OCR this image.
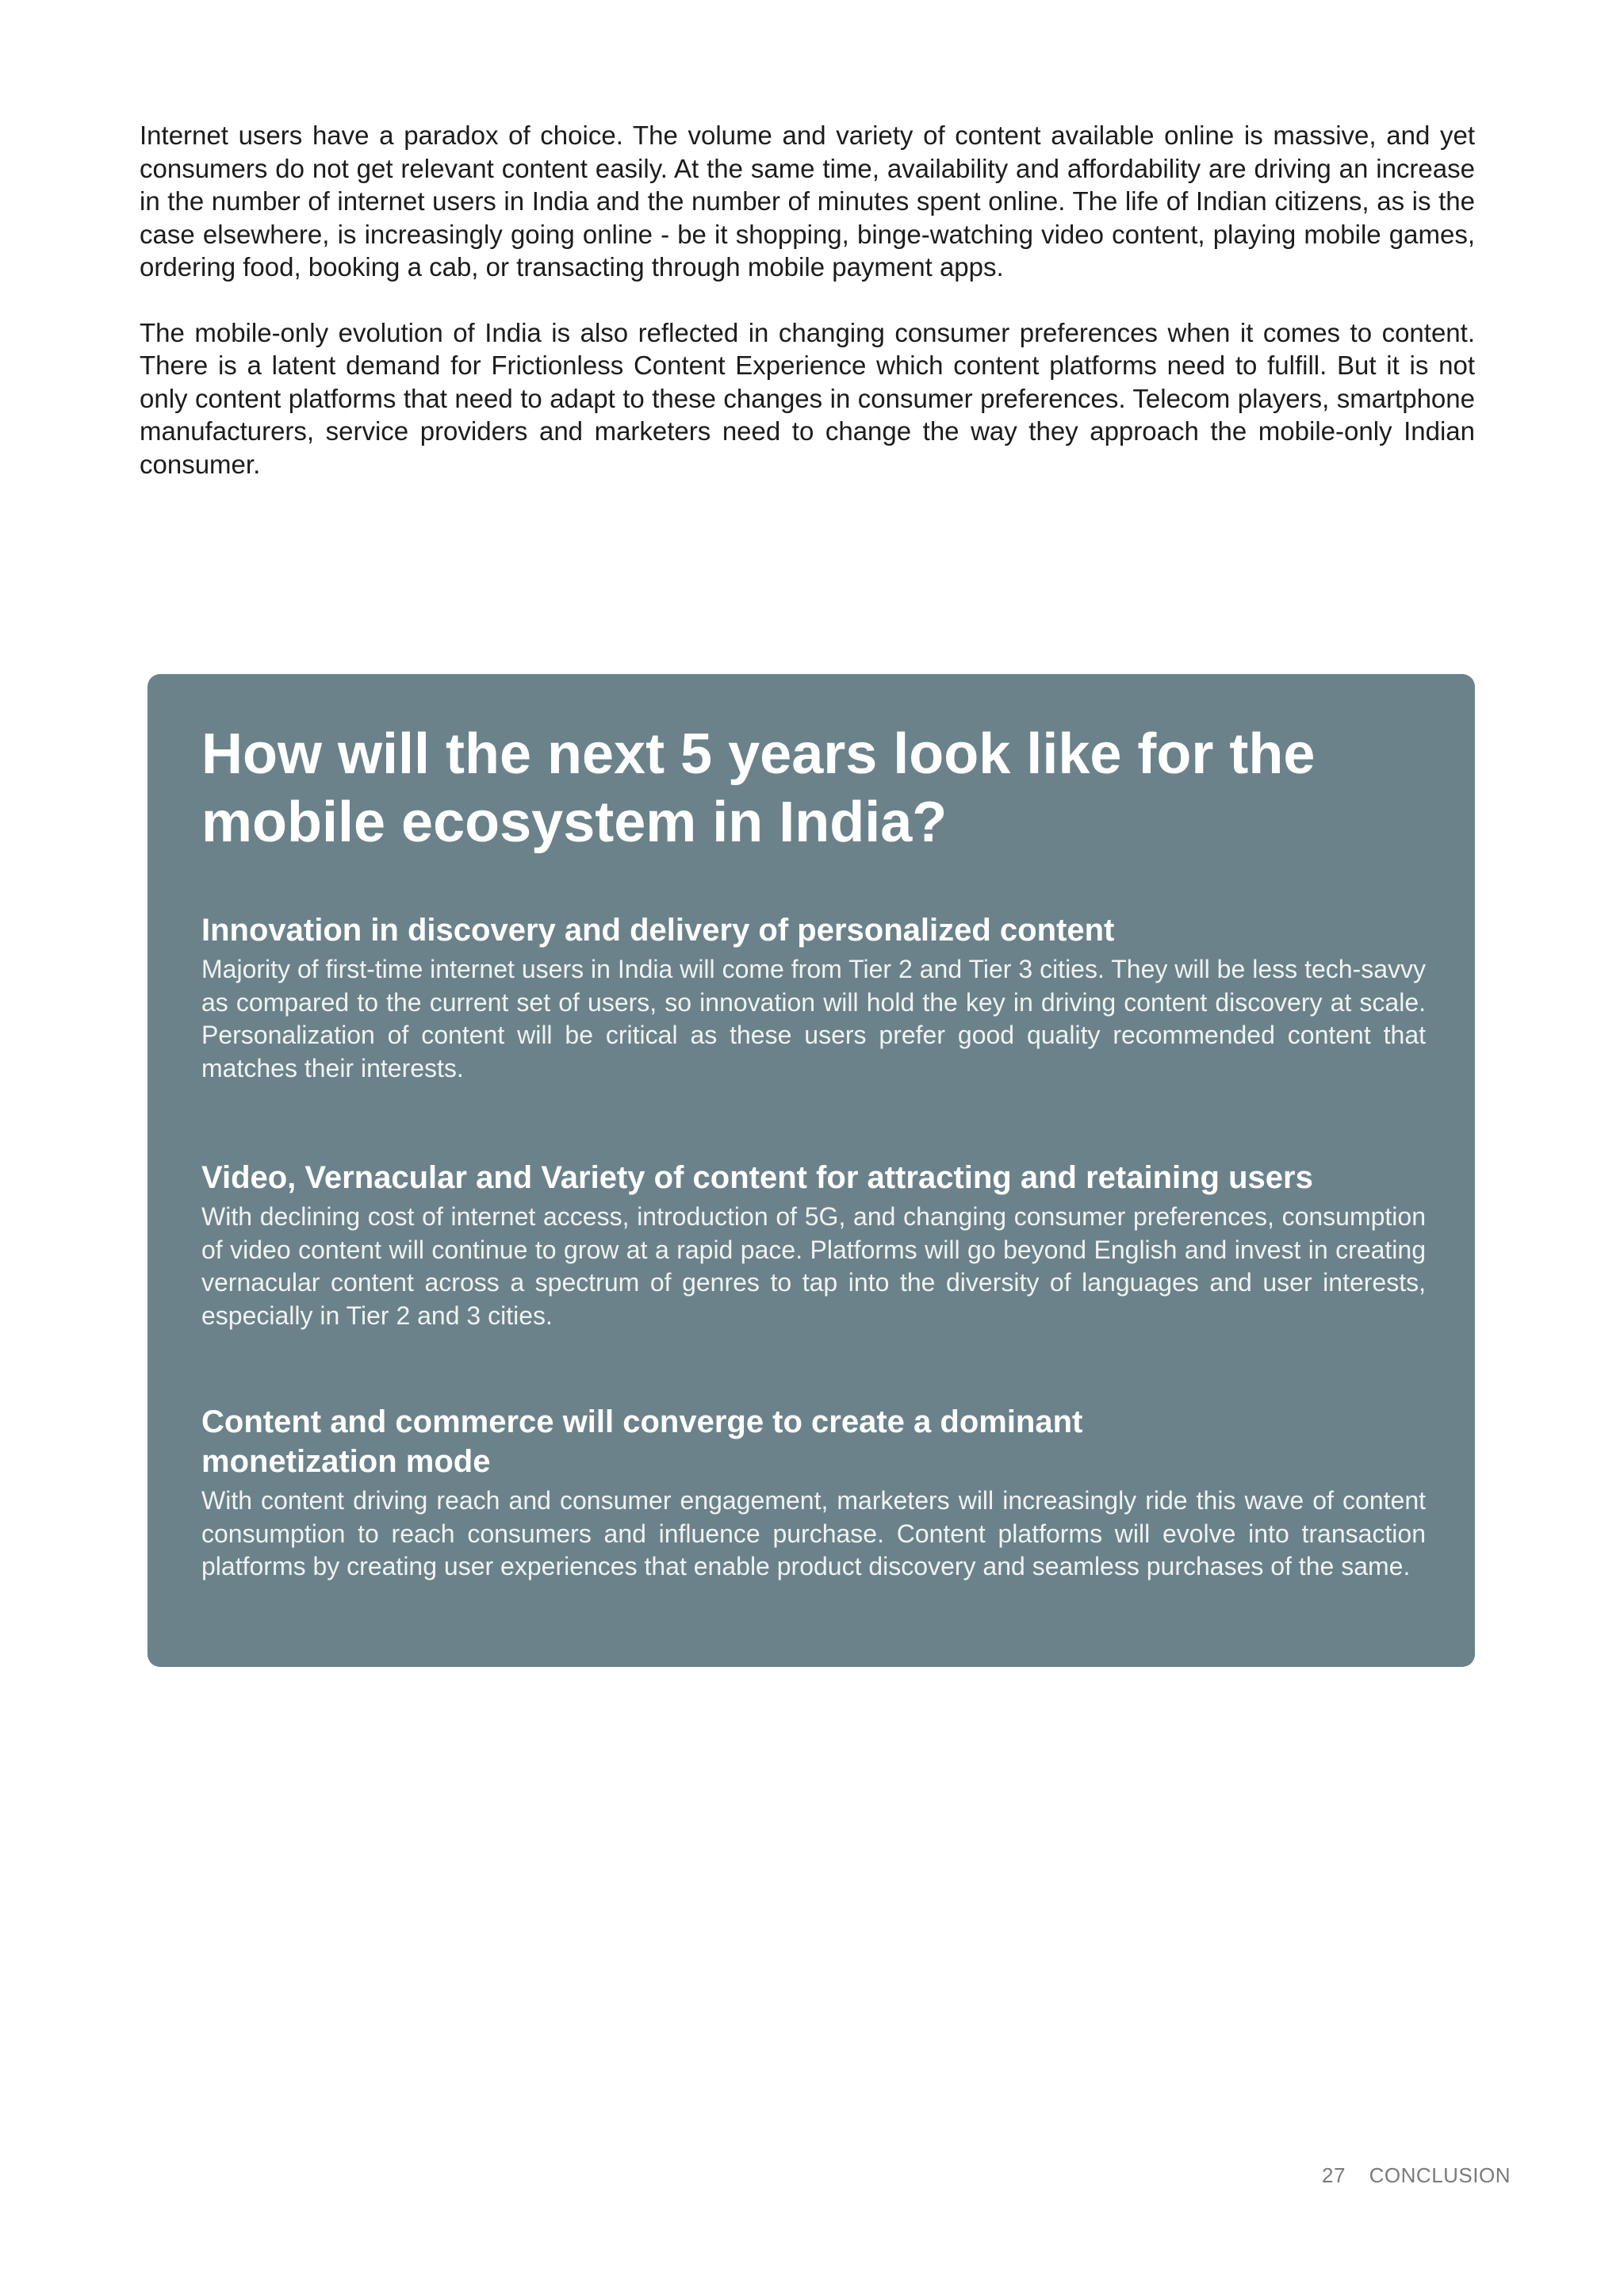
Internet users have a paradox of choice. The volume and variety of content available online is massive, and yet consumers do not get relevant content easily. At the same time, availability and affordability are driving an increase in the number of internet users in India and the number of minutes spent online. The life of Indian citizens, as is the case elsewhere, is increasingly going online - be it shopping, binge-watching video content, playing mobile games, ordering food, booking a cab, or transacting through mobile payment apps.

The mobile-only evolution of India is also reflected in changing consumer preferences when it comes to content. There is a latent demand for Frictionless Content Experience which content platforms need to fulfill. But it is not only content platforms that need to adapt to these changes in consumer preferences. Telecom players, smartphone manufacturers, service providers and marketers need to change the way they approach the mobile-only Indian consumer.

How will the next 5 years look like for the mobile ecosystem in India?
Innovation in discovery and delivery of personalized content

Majority of first-time internet users in India will come from Tier 2 and Tier 3 cities. They will be less tech-savvy as compared to the current set of users, so innovation will hold the key in driving content discovery at scale. Personalization of content will be critical as these users prefer good quality recommended content that matches their interests.

Video, Vernacular and Variety of content for attracting and retaining users

With declining cost of internet access, introduction of 5G, and changing consumer preferences, consumption of video content will continue to grow at a rapid pace. Platforms will go beyond English and invest in creating vernacular content across a spectrum of genres to tap into the diversity of languages and user interests, especially in Tier 2 and 3 cities.

Content and commerce will converge to create a dominant monetization mode

With content driving reach and consumer engagement, marketers will increasingly ride this wave of content consumption to reach consumers and influence purchase. Content platforms will evolve into transaction platforms by creating user experiences that enable product discovery and seamless purchases of the same.

27 CONCLUSION
